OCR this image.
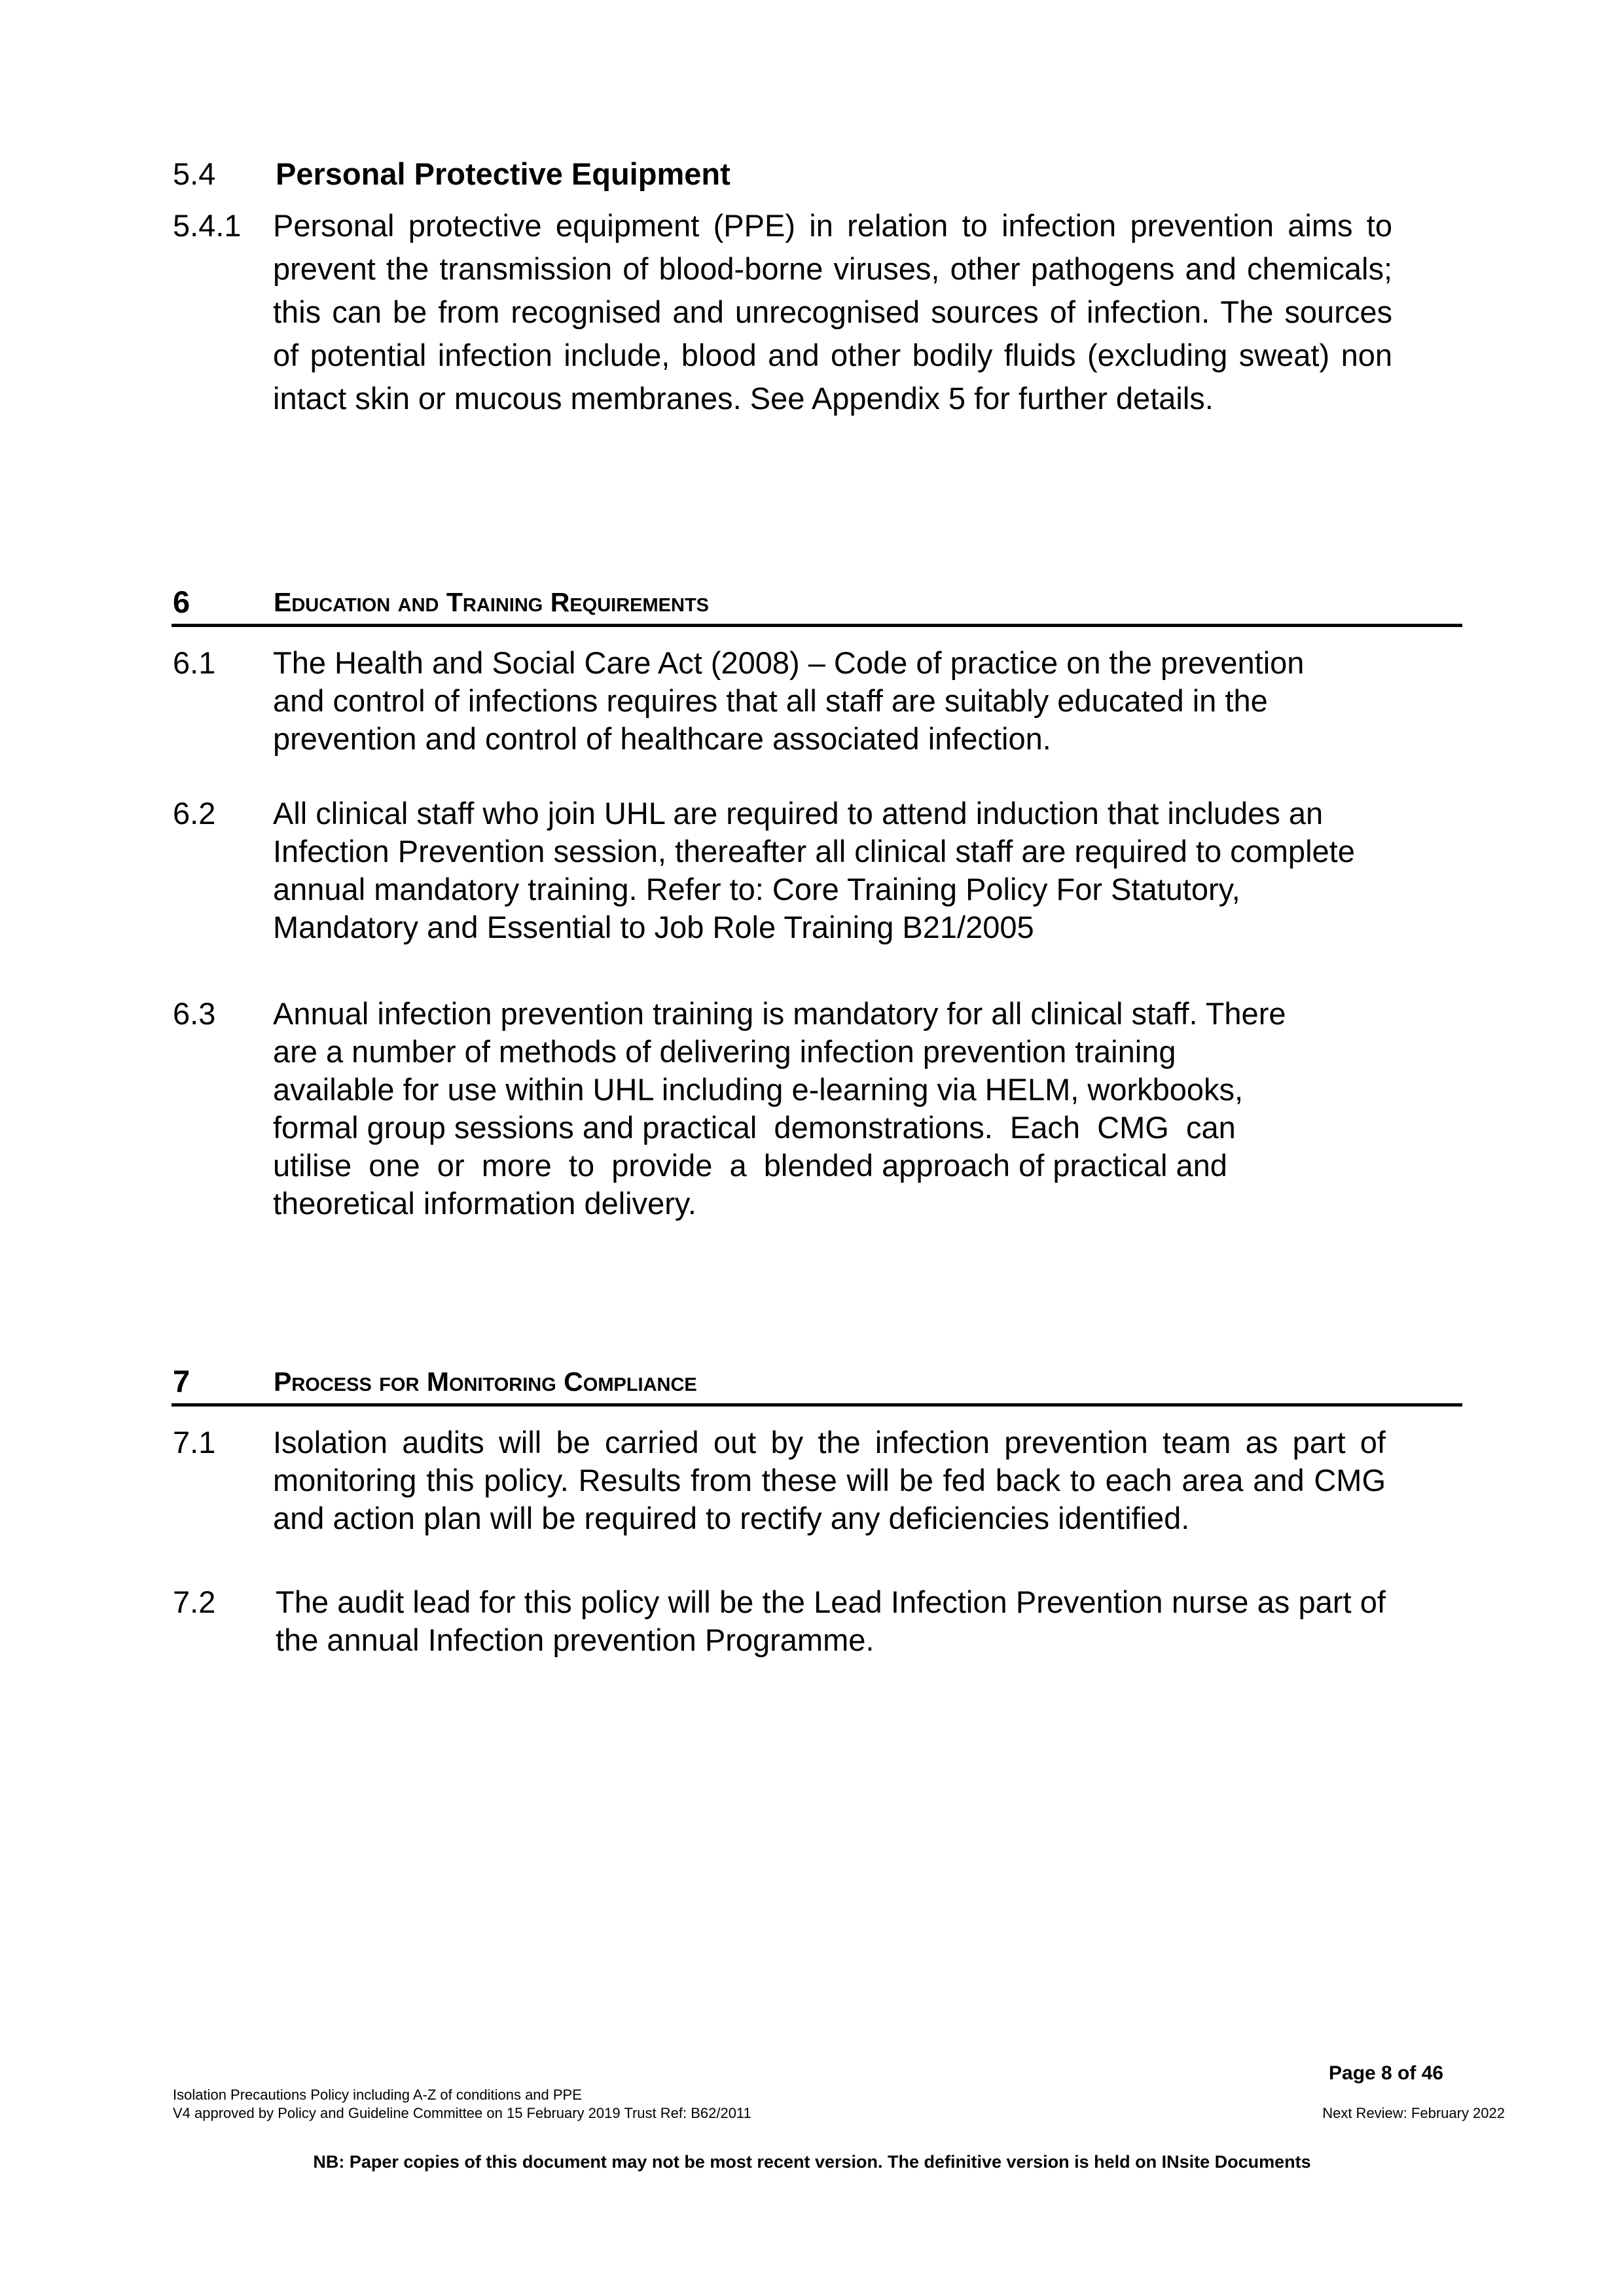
5.4 Personal Protective Equipment
5.4.1 Personal protective equipment (PPE) in relation to infection prevention aims to prevent the transmission of blood-borne viruses, other pathogens and chemicals; this can be from recognised and unrecognised sources of infection. The sources of potential infection include, blood and other bodily fluids (excluding sweat) non intact skin or mucous membranes. See Appendix 5 for further details.
6	Education and Training Requirements
6.1 The Health and Social Care Act (2008) – Code of practice on the prevention
and control of infections requires that all staff are suitably educated in the
prevention and control of healthcare associated infection.
6.2 All clinical staff who join UHL are required to attend induction that includes an
Infection Prevention session, thereafter all clinical staff are required to complete
annual mandatory training. Refer to: Core Training Policy For Statutory,
Mandatory and Essential to Job Role Training B21/2005
6.3 Annual infection prevention training is mandatory for all clinical staff. There
are a number of methods of delivering infection prevention training
available for use within UHL including e-learning via HELM, workbooks,
formal group sessions and practical  demonstrations.  Each  CMG  can
utilise  one  or  more  to  provide  a  blended approach of practical and
theoretical information delivery.
7	Process for Monitoring Compliance
7.1 Isolation audits will be carried out by the infection prevention team as part of monitoring this policy. Results from these will be fed back to each area and CMG and action plan will be required to rectify any deficiencies identified.
7.2 The audit lead for this policy will be the Lead Infection Prevention nurse as part of the annual Infection prevention Programme.
Page 8 of 46
Isolation Precautions Policy including A-Z of conditions and PPE
V4 approved by Policy and Guideline Committee on 15 February 2019 Trust Ref: B62/2011	Next Review: February 2022
NB: Paper copies of this document may not be most recent version. The definitive version is held on INsite Documents
